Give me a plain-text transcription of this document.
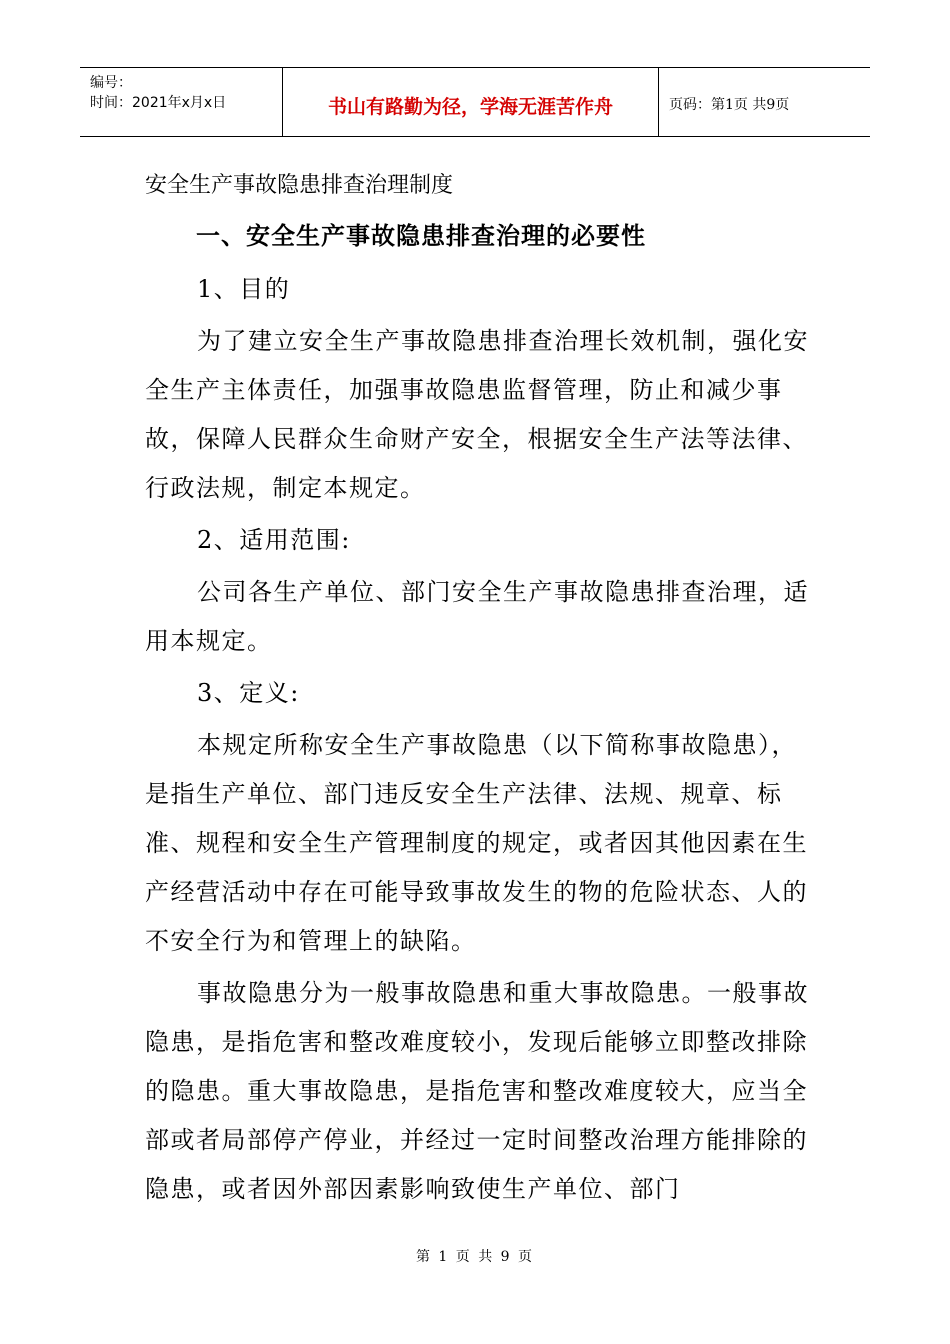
编号：
时间：2021年x月x日	书山有路勤为径，学海无涯苦作舟	页码：第1页 共9页
安全生产事故隐患排查治理制度
一、安全生产事故隐患排查治理的必要性

1、目的

为了建立安全生产事故隐患排查治理长效机制，强化安全生产主体责任，加强事故隐患监督管理，防止和减少事故，保障人民群众生命财产安全，根据安全生产法等法律、行政法规，制定本规定。

2、适用范围:

公司各生产单位、部门安全生产事故隐患排查治理，适用本规定。

3、定义:

本规定所称安全生产事故隐患（以下简称事故隐患），是指生产单位、部门违反安全生产法律、法规、规章、标准、规程和安全生产管理制度的规定，或者因其他因素在生产经营活动中存在可能导致事故发生的物的危险状态、人的不安全行为和管理上的缺陷。

事故隐患分为一般事故隐患和重大事故隐患。一般事故隐患，是指危害和整改难度较小，发现后能够立即整改排除的隐患。重大事故隐患，是指危害和整改难度较大，应当全部或者局部停产停业，并经过一定时间整改治理方能排除的隐患，或者因外部因素影响致使生产单位、部门

第 1 页 共 9 页
